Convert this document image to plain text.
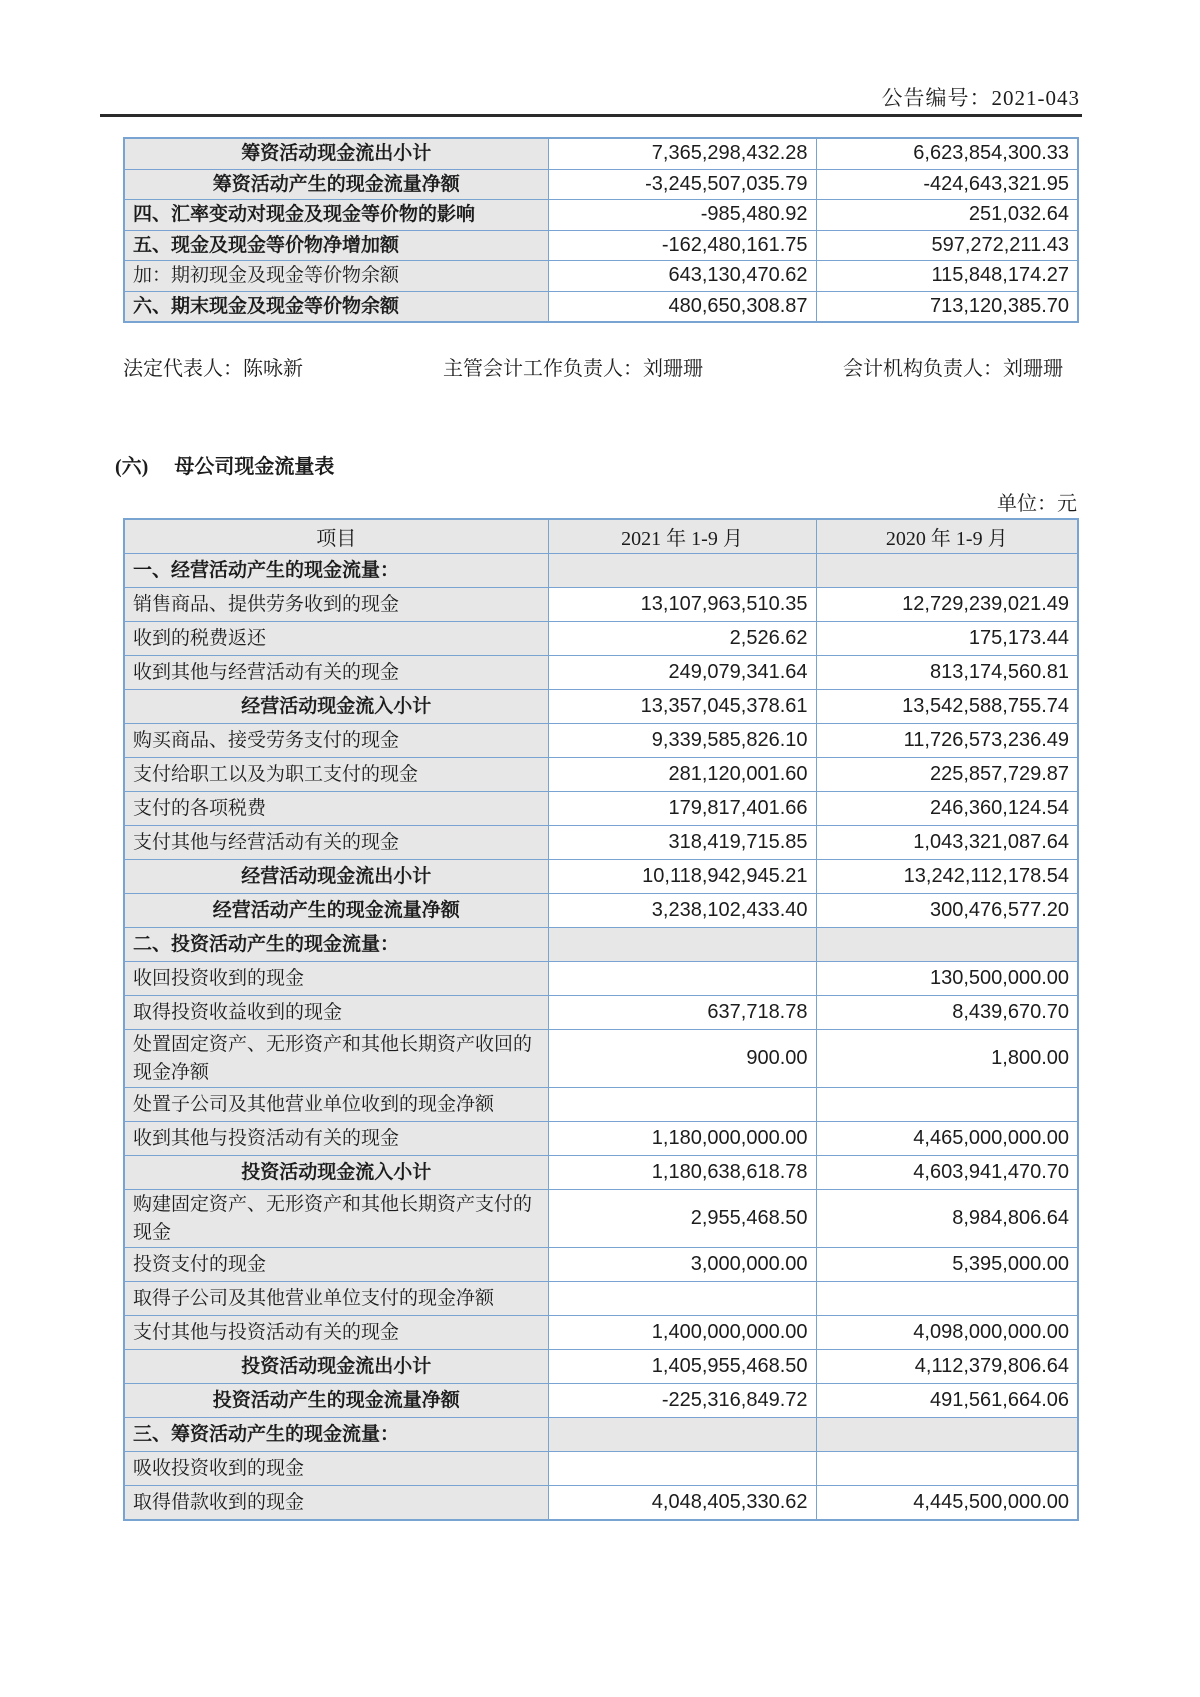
公告编号：2021-043
筹资活动现金流出小计	7,365,298,432.28	6,623,854,300.33
筹资活动产生的现金流量净额	-3,245,507,035.79	-424,643,321.95
四、汇率变动对现金及现金等价物的影响	-985,480.92	251,032.64
五、现金及现金等价物净增加额	-162,480,161.75	597,272,211.43
加：期初现金及现金等价物余额	643,130,470.62	115,848,174.27
六、期末现金及现金等价物余额	480,650,308.87	713,120,385.70
法定代表人：陈咏新	主管会计工作负责人：刘珊珊	会计机构负责人：刘珊珊
(六) 母公司现金流量表
单位：元
项目	2021 年 1-9 月	2020 年 1-9 月
一、经营活动产生的现金流量：		
销售商品、提供劳务收到的现金	13,107,963,510.35	12,729,239,021.49
收到的税费返还	2,526.62	175,173.44
收到其他与经营活动有关的现金	249,079,341.64	813,174,560.81
经营活动现金流入小计	13,357,045,378.61	13,542,588,755.74
购买商品、接受劳务支付的现金	9,339,585,826.10	11,726,573,236.49
支付给职工以及为职工支付的现金	281,120,001.60	225,857,729.87
支付的各项税费	179,817,401.66	246,360,124.54
支付其他与经营活动有关的现金	318,419,715.85	1,043,321,087.64
经营活动现金流出小计	10,118,942,945.21	13,242,112,178.54
经营活动产生的现金流量净额	3,238,102,433.40	300,476,577.20
二、投资活动产生的现金流量：		
收回投资收到的现金		130,500,000.00
取得投资收益收到的现金	637,718.78	8,439,670.70
处置固定资产、无形资产和其他长期资产收回的现金净额	900.00	1,800.00
处置子公司及其他营业单位收到的现金净额		
收到其他与投资活动有关的现金	1,180,000,000.00	4,465,000,000.00
投资活动现金流入小计	1,180,638,618.78	4,603,941,470.70
购建固定资产、无形资产和其他长期资产支付的现金	2,955,468.50	8,984,806.64
投资支付的现金	3,000,000.00	5,395,000.00
取得子公司及其他营业单位支付的现金净额		
支付其他与投资活动有关的现金	1,400,000,000.00	4,098,000,000.00
投资活动现金流出小计	1,405,955,468.50	4,112,379,806.64
投资活动产生的现金流量净额	-225,316,849.72	491,561,664.06
三、筹资活动产生的现金流量：		
吸收投资收到的现金		
取得借款收到的现金	4,048,405,330.62	4,445,500,000.00
